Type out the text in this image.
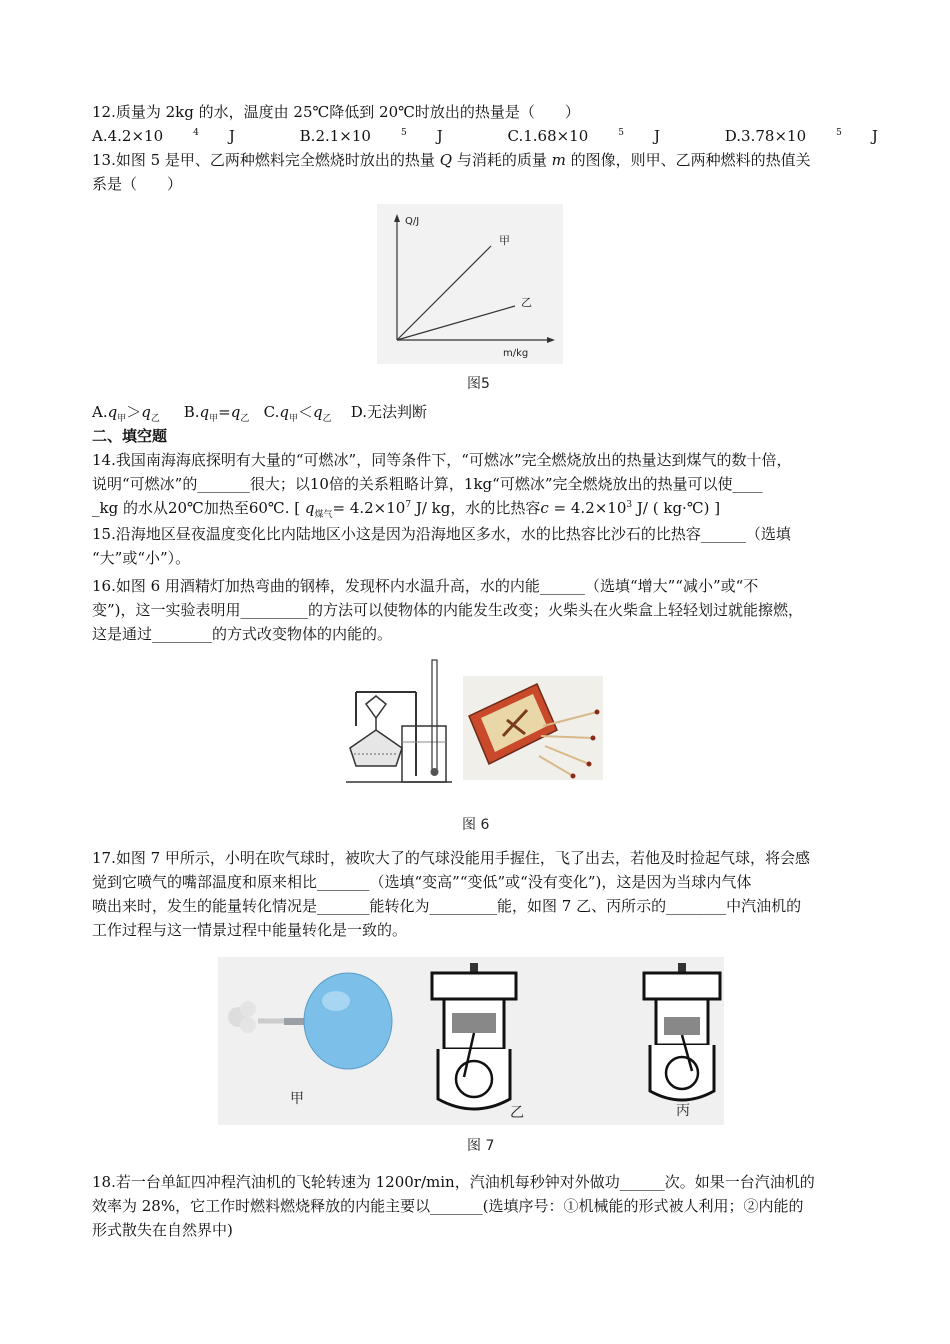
12.质量为 2kg 的水，温度由 25℃降低到 20℃时放出的热量是（　　）
A.4.2×10	$^4$ J	B.2.1×10	$^5$ J	C.1.68×10	$^5$ J	D.3.78×10	$^5$ J
13.如图 5 是甲、乙两种燃料完全燃烧时放出的热量 Q 与消耗的质量 m 的图像，则甲、乙两种燃料的热值关
系是（　　）
Q/J
m/kg
甲
乙
图5
$A.q_甲>q_乙$ $B.q_甲=q_乙$ $C.q_甲<q_乙$ D.无法判断
二、填空题
14.我国南海海底探明有大量的“可燃冰”，同等条件下，“可燃冰”完全燃烧放出的热量达到煤气的数十倍，
说明“可燃冰”的_______很大；以10倍的关系粗略计算，1kg“可燃冰”完全燃烧放出的热量可以使____
_kg 的水从20℃加热至60℃. [ $q_{煤气}= 4.2\times 10^7$ J/ kg，水的比热容$c = 4.2\times 10^3$ J/ ( kg·℃) ]
15.沿海地区昼夜温度变化比内陆地区小这是因为沿海地区多水，水的比热容比沙石的比热容______（选填
“大”或“小”）。
16.如图 6 用酒精灯加热弯曲的钢棒，发现杯内水温升高，水的内能______（选填“增大”“减小”或“不
变”)，这一实验表明用_________的方法可以使物体的内能发生改变；火柴头在火柴盒上轻轻划过就能擦燃，
这是通过________的方式改变物体的内能的。
图 6
17.如图 7 甲所示，小明在吹气球时，被吹大了的气球没能用手握住，飞了出去，若他及时捡起气球，将会感
觉到它喷气的嘴部温度和原来相比_______（选填“变高”“变低”或“没有变化”)，这是因为当球内气体
喷出来时，发生的能量转化情况是_______能转化为_________能，如图 7 乙、丙所示的________中汽油机的
工作过程与这一情景过程中能量转化是一致的。
甲
乙	丙
图 7
18.若一台单缸四冲程汽油机的飞轮转速为 1200r/min，汽油机每秒钟对外做功______次。如果一台汽油机的
效率为 28%，它工作时燃料燃烧释放的内能主要以_______(选填序号：①机械能的形式被人利用；②内能的
形式散失在自然界中)
